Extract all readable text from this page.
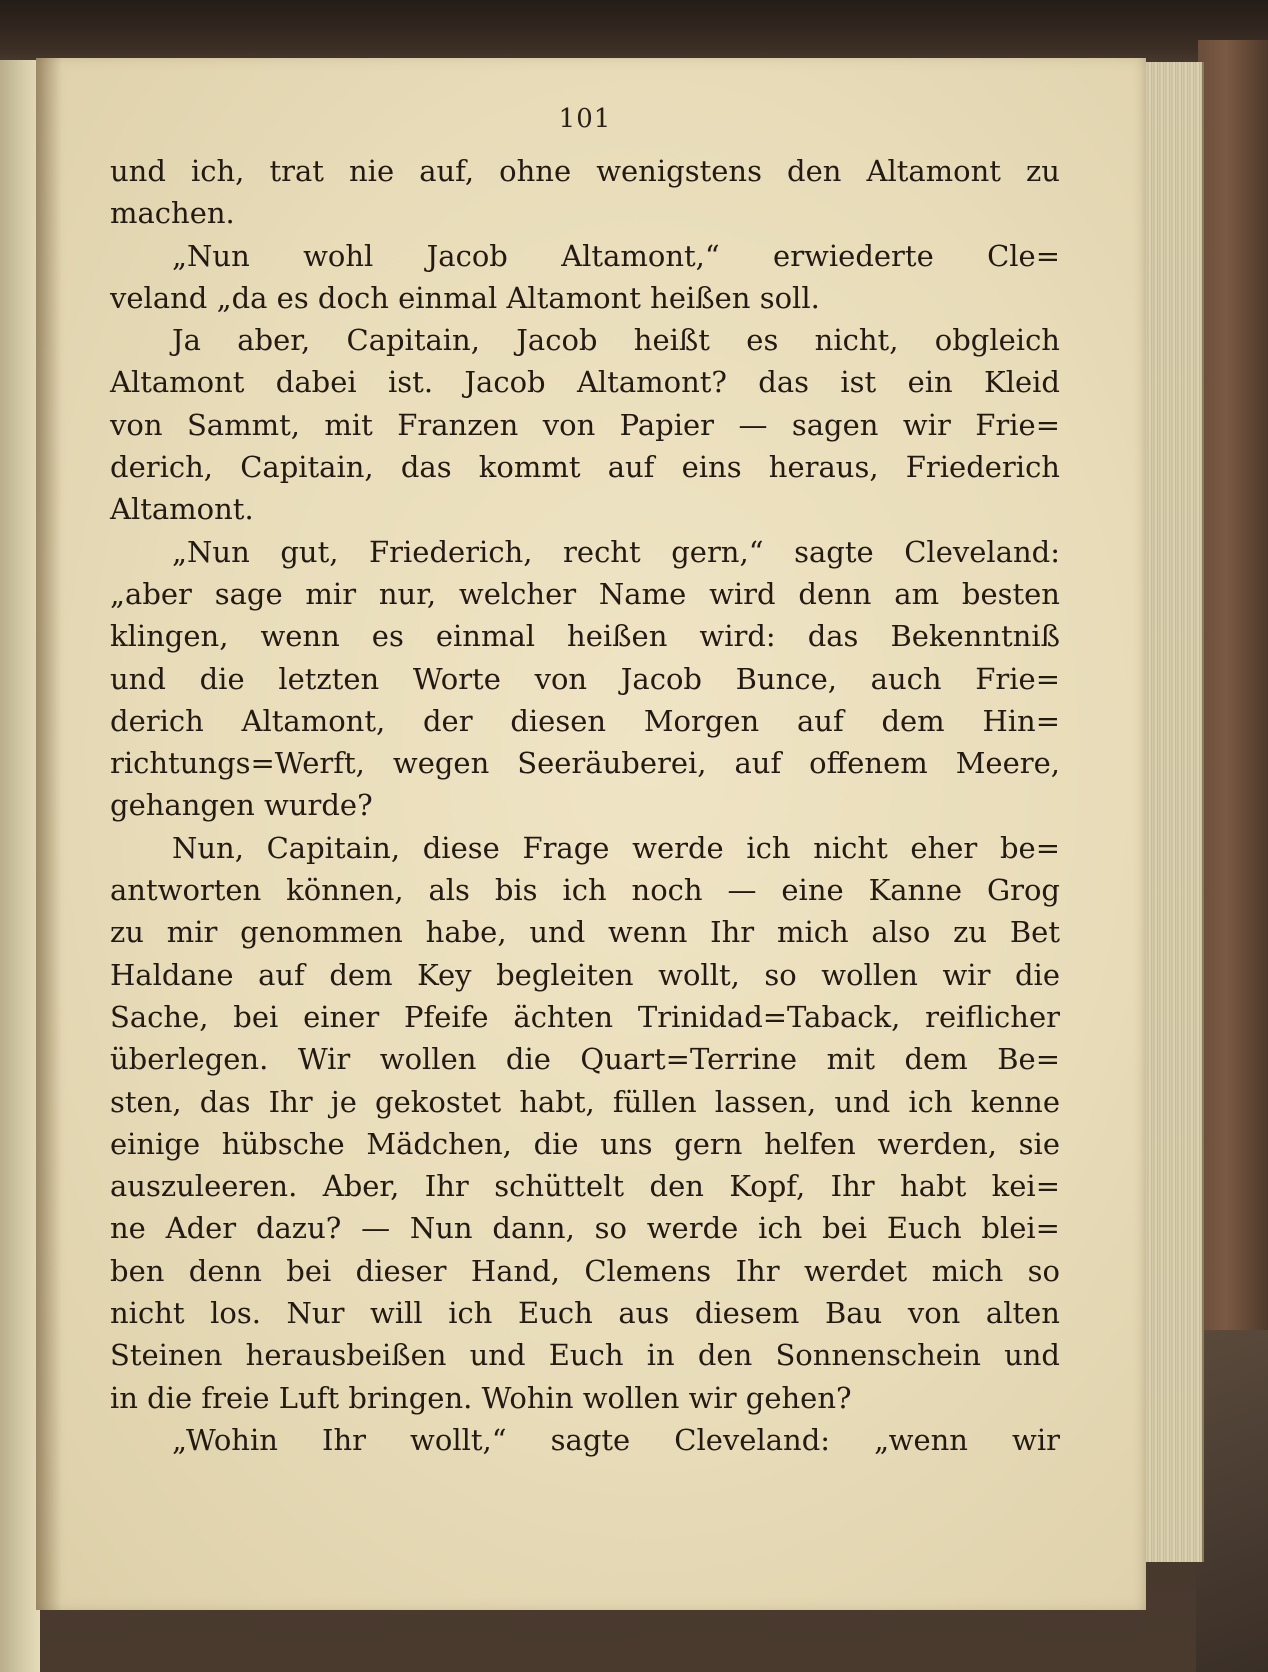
101
und ich, trat nie auf, ohne wenigstens den Altamont zu
machen.
„Nun wohl Jacob Altamont,“ erwiederte Cle=
veland „da es doch einmal Altamont heißen soll.
Ja aber, Capitain, Jacob heißt es nicht, obgleich
Altamont dabei ist. Jacob Altamont? das ist ein Kleid
von Sammt, mit Franzen von Papier — sagen wir Frie=
derich, Capitain, das kommt auf eins heraus, Friederich
Altamont.
„Nun gut, Friederich, recht gern,“ sagte Cleveland:
„aber sage mir nur, welcher Name wird denn am besten
klingen, wenn es einmal heißen wird: das Bekenntniß
und die letzten Worte von Jacob Bunce, auch Frie=
derich Altamont, der diesen Morgen auf dem Hin=
richtungs=Werft, wegen Seeräuberei, auf offenem Meere,
gehangen wurde?
Nun, Capitain, diese Frage werde ich nicht eher be=
antworten können, als bis ich noch — eine Kanne Grog
zu mir genommen habe, und wenn Ihr mich also zu Bet
Haldane auf dem Key begleiten wollt, so wollen wir die
Sache, bei einer Pfeife ächten Trinidad=Taback, reiflicher
überlegen. Wir wollen die Quart=Terrine mit dem Be=
sten, das Ihr je gekostet habt, füllen lassen, und ich kenne
einige hübsche Mädchen, die uns gern helfen werden, sie
auszuleeren. Aber, Ihr schüttelt den Kopf, Ihr habt kei=
ne Ader dazu? — Nun dann, so werde ich bei Euch blei=
ben denn bei dieser Hand, Clemens Ihr werdet mich so
nicht los. Nur will ich Euch aus diesem Bau von alten
Steinen herausbeißen und Euch in den Sonnenschein und
in die freie Luft bringen. Wohin wollen wir gehen?
„Wohin Ihr wollt,“ sagte Cleveland: „wenn wir
